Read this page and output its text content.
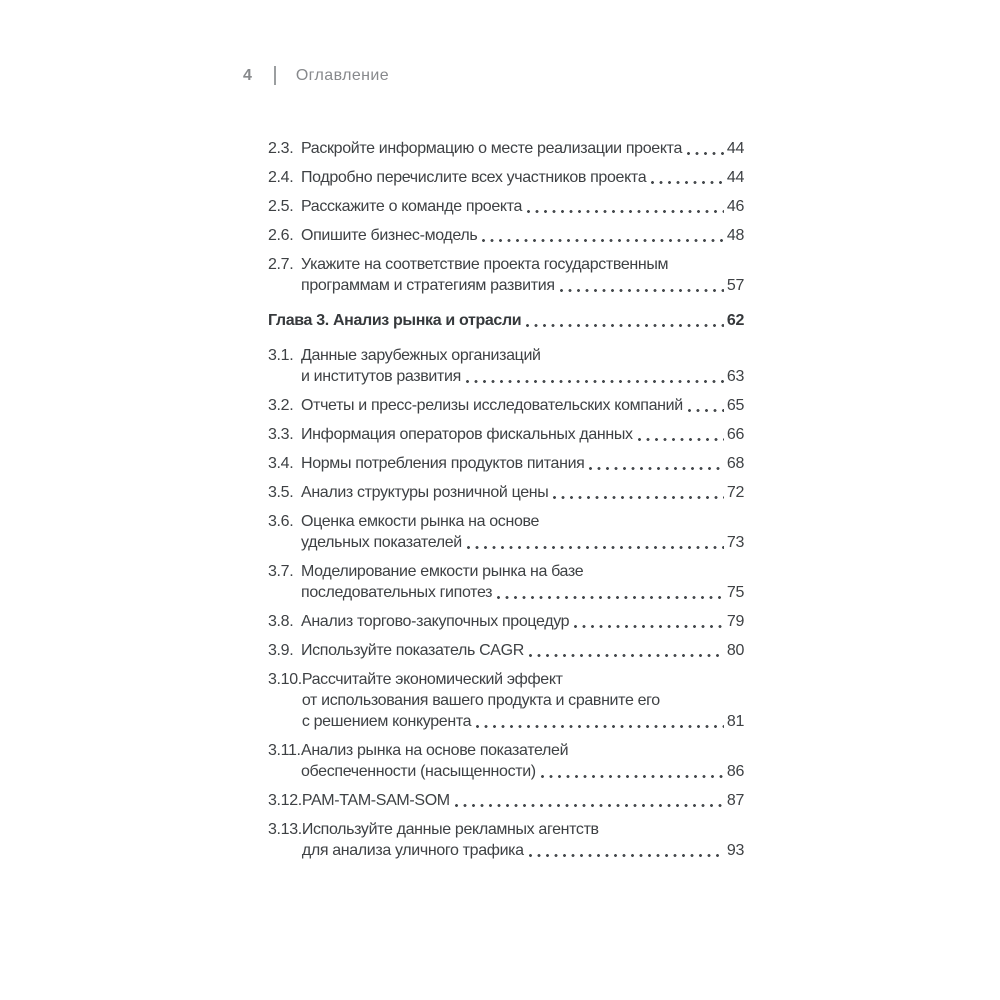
4	Оглавление
2.3. Раскройте информацию о месте реализации проекта	44
2.4. Подробно перечислите всех участников проекта	44
2.5. Расскажите о команде проекта	46
2.6. Опишите бизнес-модель	48
2.7. Укажите на соответствие проекта государственным
программам и стратегиям развития	57
Глава 3. Анализ рынка и отрасли	62
3.1. Данные зарубежных организаций
и институтов развития	63
3.2. Отчеты и пресс-релизы исследовательских компаний	65
3.3. Информация операторов фискальных данных	66
3.4. Нормы потребления продуктов питания	68
3.5. Анализ структуры розничной цены	72
3.6. Оценка емкости рынка на основе
удельных показателей	73
3.7. Моделирование емкости рынка на базе
последовательных гипотез	75
3.8. Анализ торгово-закупочных процедур	79
3.9. Используйте показатель CAGR	80
3.10. Рассчитайте экономический эффект
от использования вашего продукта и сравните его
с решением конкурента	81
3.11. Анализ рынка на основе показателей
обеспеченности (насыщенности)	86
3.12. PAM-TAM-SAM-SOM	87
3.13. Используйте данные рекламных агентств
для анализа уличного трафика	93
